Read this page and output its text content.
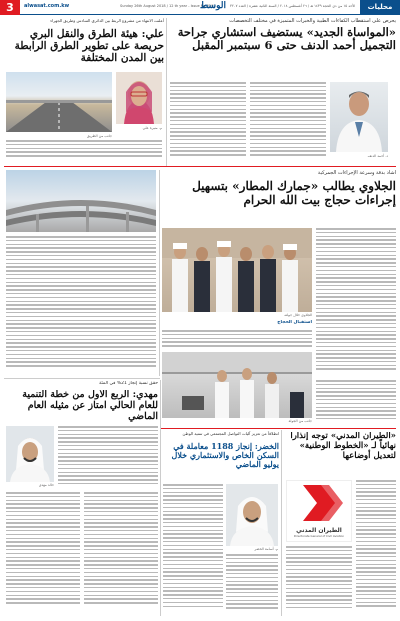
3	alwasat.com.kw	Sunday 26th August 2018 / 12 th year - Issue No 3207
الوسط الأحد ١٥ من ذي الحجة ١٤٣٩ هـ / ٢٦ أغسطس ٢٠١٨ / السنة الثانية عشرة / العدد ٣٢٠٧	محليات
يحرص على استقطاب الكفاءات الطبية والخبرات المتميزة في مختلف التخصصات
«المواساة الجديد» يستضيف استشاري جراحة التجميل أحمد الدنف حتى 6 سبتمبر المقبل
د. أحمد الدنف
أعلنت الانتهاء من مشروع الربط بين الدائري السادس وطريق الجهراء
علي: هيئة الطرق والنقل البري حريصة على تطوير الطرق الرابطة بين المدن المختلفة
م. منيرة علي
جانب من الطريق
أشاد بدقة وسرعة الإجراءات الجمركية
الجلاوي يطالب «جمارك المطار» بتسهيل إجراءات حجاج بيت الله الحرام
الجلاوي خلال جولته
استقبال الحجاج
جانب من الجولة
حقق نسبة إنجاز 21% في المئة
مهدي: الربع الأول من خطة التنمية للعام الحالي امتاز عن مثيله العام الماضي
خالد مهدي
انطلاقاً من تعزيز آليات التواصل المجتمعي في تنمية الوطن
الخضر: إنجاز 1188 معاملة في السكن الخاص والاستثماري خلال يوليو الماضي
م. أسامة الخضر
«الطيران المدني» توجه إنذاراً نهائياً لـ «الخطوط الوطنية» لتعديل أوضاعها
الطيران المدني
Directorate General of Civil Aviation
